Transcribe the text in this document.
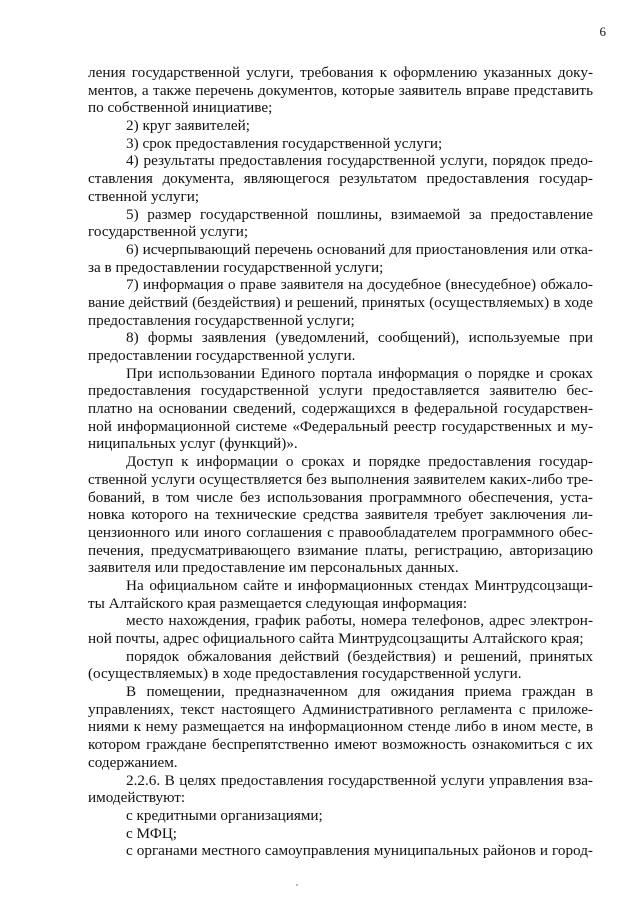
6
ления государственной услуги, требования к оформлению указанных доку-
ментов, а также перечень документов, которые заявитель вправе представить
по собственной инициативе;
2) круг заявителей;
3) срок предоставления государственной услуги;
4) результаты предоставления государственной услуги, порядок предо-
ставления документа, являющегося результатом предоставления государ-
ственной услуги;
5) размер государственной пошлины, взимаемой за предоставление
государственной услуги;
6) исчерпывающий перечень оснований для приостановления или отка-
за в предоставлении государственной услуги;
7) информация о праве заявителя на досудебное (внесудебное) обжало-
вание действий (бездействия) и решений, принятых (осуществляемых) в ходе
предоставления государственной услуги;
8) формы заявления (уведомлений, сообщений), используемые при
предоставлении государственной услуги.
При использовании Единого портала информация о порядке и сроках
предоставления государственной услуги предоставляется заявителю бес-
платно на основании сведений, содержащихся в федеральной государствен-
ной информационной системе «Федеральный реестр государственных и му-
ниципальных услуг (функций)».
Доступ к информации о сроках и порядке предоставления государ-
ственной услуги осуществляется без выполнения заявителем каких-либо тре-
бований, в том числе без использования программного обеспечения, уста-
новка которого на технические средства заявителя требует заключения ли-
цензионного или иного соглашения с правообладателем программного обес-
печения, предусматривающего взимание платы, регистрацию, авторизацию
заявителя или предоставление им персональных данных.
На официальном сайте и информационных стендах Минтрудсоцзащи-
ты Алтайского края размещается следующая информация:
место нахождения, график работы, номера телефонов, адрес электрон-
ной почты, адрес официального сайта Минтрудсоцзащиты Алтайского края;
порядок обжалования действий (бездействия) и решений, принятых
(осуществляемых) в ходе предоставления государственной услуги.
В помещении, предназначенном для ожидания приема граждан в
управлениях, текст настоящего Административного регламента с приложе-
ниями к нему размещается на информационном стенде либо в ином месте, в
котором граждане беспрепятственно имеют возможность ознакомиться с их
содержанием.
2.2.6. В целях предоставления государственной услуги управления вза-
имодействуют:
с кредитными организациями;
с МФЦ;
с органами местного самоуправления муниципальных районов и город-
